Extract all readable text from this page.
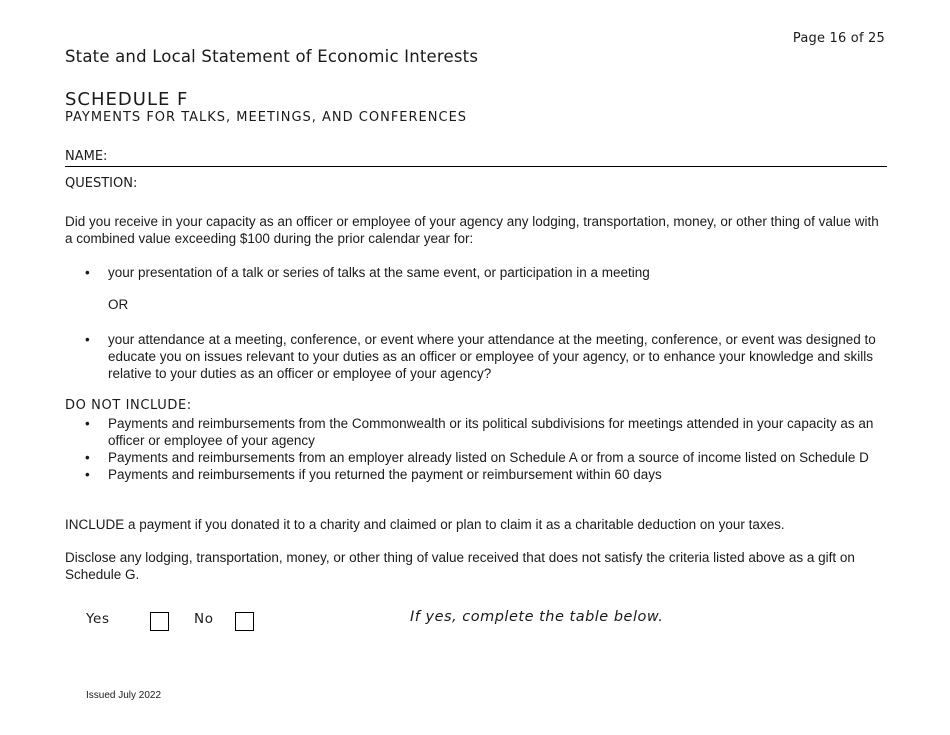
Page 16 of 25
State and Local Statement of Economic Interests
SCHEDULE F
PAYMENTS FOR TALKS, MEETINGS, AND CONFERENCES
NAME:
QUESTION:
Did you receive in your capacity as an officer or employee of your agency any lodging, transportation, money, or other thing of value with a combined value exceeding $100 during the prior calendar year for:
• your presentation of a talk or series of talks at the same event, or participation in a meeting
OR
• your attendance at a meeting, conference, or event where your attendance at the meeting, conference, or event was designed to educate you on issues relevant to your duties as an officer or employee of your agency, or to enhance your knowledge and skills relative to your duties as an officer or employee of your agency?
DO NOT INCLUDE:
• Payments and reimbursements from the Commonwealth or its political subdivisions for meetings attended in your capacity as an officer or employee of your agency
• Payments and reimbursements from an employer already listed on Schedule A or from a source of income listed on Schedule D
• Payments and reimbursements if you returned the payment or reimbursement within 60 days
INCLUDE a payment if you donated it to a charity and claimed or plan to claim it as a charitable deduction on your taxes.
Disclose any lodging, transportation, money, or other thing of value received that does not satisfy the criteria listed above as a gift on Schedule G.
Yes	No	If yes, complete the table below.
Issued July 2022
